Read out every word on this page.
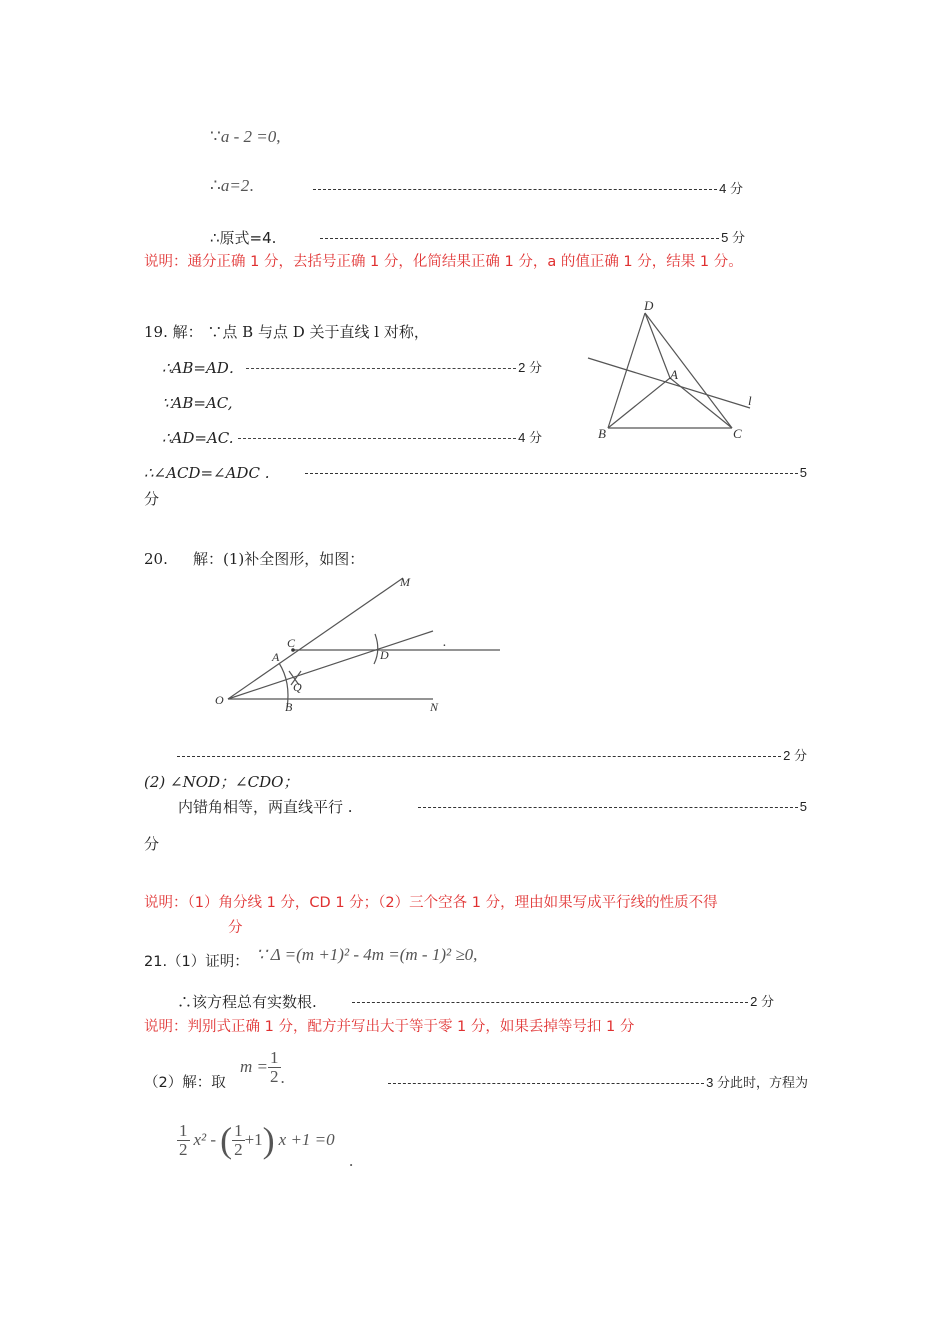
∵a - 2 =0,
∴a=2.	4 分
∴原式=4.	5 分
说明：通分正确 1 分，去括号正确 1 分，化简结果正确 1 分，a 的值正确 1 分，结果 1 分。
19. 解： ∵点 B 与点 D 关于直线 l 对称，
∴AB=AD．	2 分
∵AB=AC,
∴AD=AC.	4 分
∴∠ACD=∠ADC .	5
分
D
A
B	C
l
20. 解：(1)补全图形，如图：
M
C
A	D
Q
O	B	N
.
2 分
(2) ∠NOD；∠CDO；
内错角相等，两直线平行 .	5
分
说明：（1）角分线 1 分，CD 1 分；（2）三个空各 1 分，理由如果写成平行线的性质不得
分
21.（1）证明： ∵ Δ =(m +1)² - 4m =(m - 1)² ≥0,
∴该方程总有实数根.	2 分
说明：判别式正确 1 分，配方并写出大于等于零 1 分，如果丢掉等号扣 1 分
（2）解：取
$m = \frac{1}{2}$ .	3 分此时，方程为
$\frac{1}{2} x^2$ - ( $\frac{1}{2} +1$ ) x +1 =0
.
